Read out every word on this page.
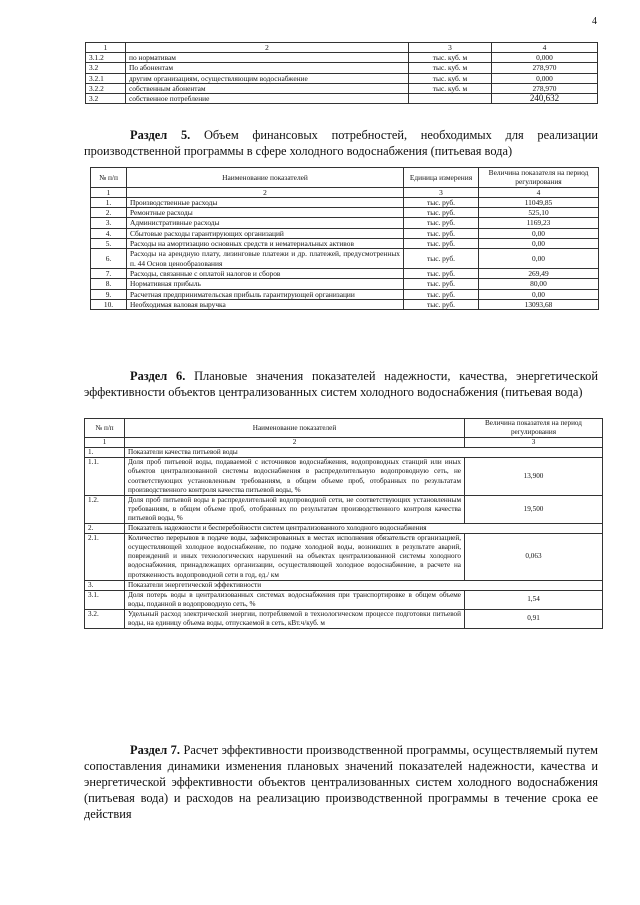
4
1	2	3	4
3.1.2	по нормативам	тыс. куб. м	0,000
3.2	По абонентам	тыс. куб. м	278,970
3.2.1	другим организациям, осуществляющим водоснабжение	тыс. куб. м	0,000
3.2.2	собственным абонентам	тыс. куб. м	278,970
3.2	собственное потребление		240,632
Раздел 5. Объем финансовых потребностей, необходимых для реализации производственной программы в сфере холодного водоснабжения (питьевая вода)
№ п/п	Наименование показателей	Единица измерения	Величина показателя на период регулирования
1	2	3	4
1.	Производственные расходы	тыс. руб.	11049,85
2.	Ремонтные расходы	тыс. руб.	525,10
3.	Административные расходы	тыс. руб.	1169,23
4.	Сбытовые расходы гарантирующих организаций	тыс. руб.	0,00
5.	Расходы на амортизацию основных средств и нематериальных активов	тыс. руб.	0,00
6.	Расходы на арендную плату, лизинговые платежи и др. платежей, предусмотренных п. 44 Основ ценообразования	тыс. руб.	0,00
7.	Расходы, связанные с оплатой налогов и сборов	тыс. руб.	269,49
8.	Нормативная прибыль	тыс. руб.	80,00
9.	Расчетная предпринимательская прибыль гарантирующей организации	тыс. руб.	0,00
10.	Необходимая валовая выручка	тыс. руб.	13093,68
Раздел 6. Плановые значения показателей надежности, качества, энергетической эффективности объектов централизованных систем холодного водоснабжения (питьевая вода)
№ п/п	Наименование показателей	Величина показателя на период регулирования
1	2	3
1.	Показатели качества питьевой воды	
1.1.	Доля проб питьевой воды, подаваемой с источников водоснабжения, водопроводных станций или иных объектов централизованной системы водоснабжения в распределительную водопроводную сеть, не соответствующих установленным требованиям, в общем объеме проб, отобранных по результатам производственного контроля качества питьевой воды, %	13,900
1.2.	Доля проб питьевой воды в распределительной водопроводной сети, не соответствующих установленным требованиям, в общем объеме проб, отобранных по результатам производственного контроля качества питьевой воды, %	19,500
2.	Показатель надежности и бесперебойности систем централизованного холодного водоснабжения	
2.1.	Количество перерывов в подаче воды, зафиксированных в местах исполнения обязательств организацией, осуществляющей холодное водоснабжение, по подаче холодной воды, возникших в результате аварий, повреждений и иных технологических нарушений на объектах централизованной системы холодного водоснабжения, принадлежащих организации, осуществляющей холодное водоснабжение, в расчете на протяженность водопроводной сети в год, ед./ км	0,063
3.	Показатели энергетической эффективности	
3.1.	Доля потерь воды в централизованных системах водоснабжения при транспортировке в общем объеме воды, поданной в водопроводную сеть, %	1,54
3.2.	Удельный расход электрической энергии, потребляемой в технологическом процессе подготовки питьевой воды, на единицу объема воды, отпускаемой в сеть, кВт.ч/куб. м	0,91
Раздел 7. Расчет эффективности производственной программы, осуществляемый путем сопоставления динамики изменения плановых значений показателей надежности, качества и энергетической эффективности объектов централизованных систем холодного водоснабжения (питьевая вода) и расходов на реализацию производственной программы в течение срока ее действия
